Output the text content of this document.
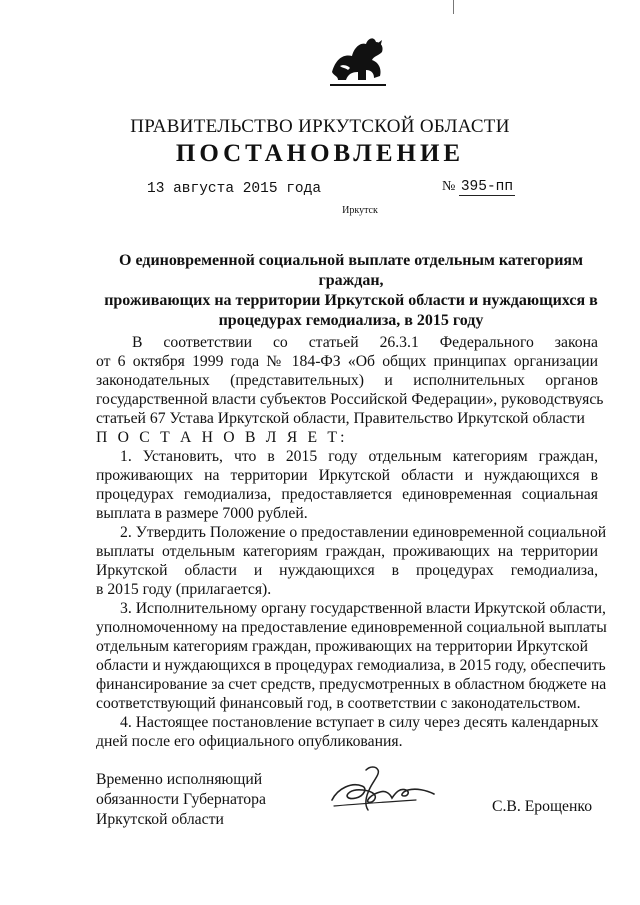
ПРАВИТЕЛЬСТВО ИРКУТСКОЙ ОБЛАСТИ
ПОСТАНОВЛЕНИЕ
13 августа 2015 года	№ 395-пп
Иркутск
О единовременной социальной выплате отдельным категориям граждан,
проживающих на территории Иркутской области и нуждающихся в
процедурах гемодиализа, в 2015 году
В соответствии со статьей 26.3.1 Федерального закона
от 6 октября 1999 года № 184-ФЗ «Об общих принципах организации
законодательных (представительных) и исполнительных органов
государственной власти субъектов Российской Федерации», руководствуясь
статьей 67 Устава Иркутской области, Правительство Иркутской области
П О С Т А Н О В Л Я Е Т:
1. Установить, что в 2015 году отдельным категориям граждан,
проживающих на территории Иркутской области и нуждающихся в
процедурах гемодиализа, предоставляется единовременная социальная
выплата в размере 7000 рублей.
2. Утвердить Положение о предоставлении единовременной социальной
выплаты отдельным категориям граждан, проживающих на территории
Иркутской области и нуждающихся в процедурах гемодиализа,
в 2015 году (прилагается).
3. Исполнительному органу государственной власти Иркутской области,
уполномоченному на предоставление единовременной социальной выплаты
отдельным категориям граждан, проживающих на территории Иркутской
области и нуждающихся в процедурах гемодиализа, в 2015 году, обеспечить
финансирование за счет средств, предусмотренных в областном бюджете на
соответствующий финансовый год, в соответствии с законодательством.
4. Настоящее постановление вступает в силу через десять календарных
дней после его официального опубликования.
Временно исполняющий
обязанности Губернатора
Иркутской области
С.В. Ерощенко
